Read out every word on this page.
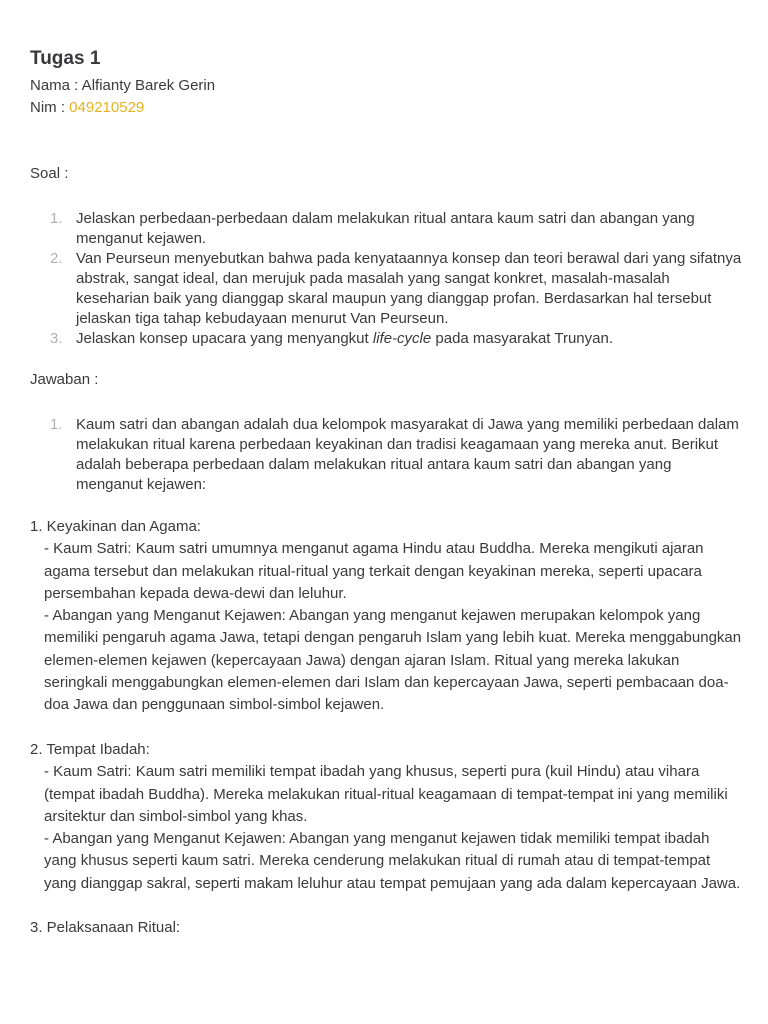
Tugas 1
Nama : Alfianty Barek Gerin
Nim : 049210529
Soal :
1. Jelaskan perbedaan-perbedaan dalam melakukan ritual antara kaum satri dan abangan yang menganut kejawen.
2. Van Peurseun menyebutkan bahwa pada kenyataannya konsep dan teori berawal dari yang sifatnya abstrak, sangat ideal, dan merujuk pada masalah yang sangat konkret, masalah-masalah keseharian baik yang dianggap skaral maupun yang dianggap profan. Berdasarkan hal tersebut jelaskan tiga tahap kebudayaan menurut Van Peurseun.
3. Jelaskan konsep upacara yang menyangkut life-cycle pada masyarakat Trunyan.
Jawaban :
1. Kaum satri dan abangan adalah dua kelompok masyarakat di Jawa yang memiliki perbedaan dalam melakukan ritual karena perbedaan keyakinan dan tradisi keagamaan yang mereka anut. Berikut adalah beberapa perbedaan dalam melakukan ritual antara kaum satri dan abangan yang menganut kejawen:

1. Keyakinan dan Agama:

- Kaum Satri: Kaum satri umumnya menganut agama Hindu atau Buddha. Mereka mengikuti ajaran agama tersebut dan melakukan ritual-ritual yang terkait dengan keyakinan mereka, seperti upacara persembahan kepada dewa-dewi dan leluhur.

- Abangan yang Menganut Kejawen: Abangan yang menganut kejawen merupakan kelompok yang memiliki pengaruh agama Jawa, tetapi dengan pengaruh Islam yang lebih kuat. Mereka menggabungkan elemen-elemen kejawen (kepercayaan Jawa) dengan ajaran Islam. Ritual yang mereka lakukan seringkali menggabungkan elemen-elemen dari Islam dan kepercayaan Jawa, seperti pembacaan doa-doa Jawa dan penggunaan simbol-simbol kejawen.

2. Tempat Ibadah:

- Kaum Satri: Kaum satri memiliki tempat ibadah yang khusus, seperti pura (kuil Hindu) atau vihara (tempat ibadah Buddha). Mereka melakukan ritual-ritual keagamaan di tempat-tempat ini yang memiliki arsitektur dan simbol-simbol yang khas.

- Abangan yang Menganut Kejawen: Abangan yang menganut kejawen tidak memiliki tempat ibadah yang khusus seperti kaum satri. Mereka cenderung melakukan ritual di rumah atau di tempat-tempat yang dianggap sakral, seperti makam leluhur atau tempat pemujaan yang ada dalam kepercayaan Jawa.

3. Pelaksanaan Ritual:
